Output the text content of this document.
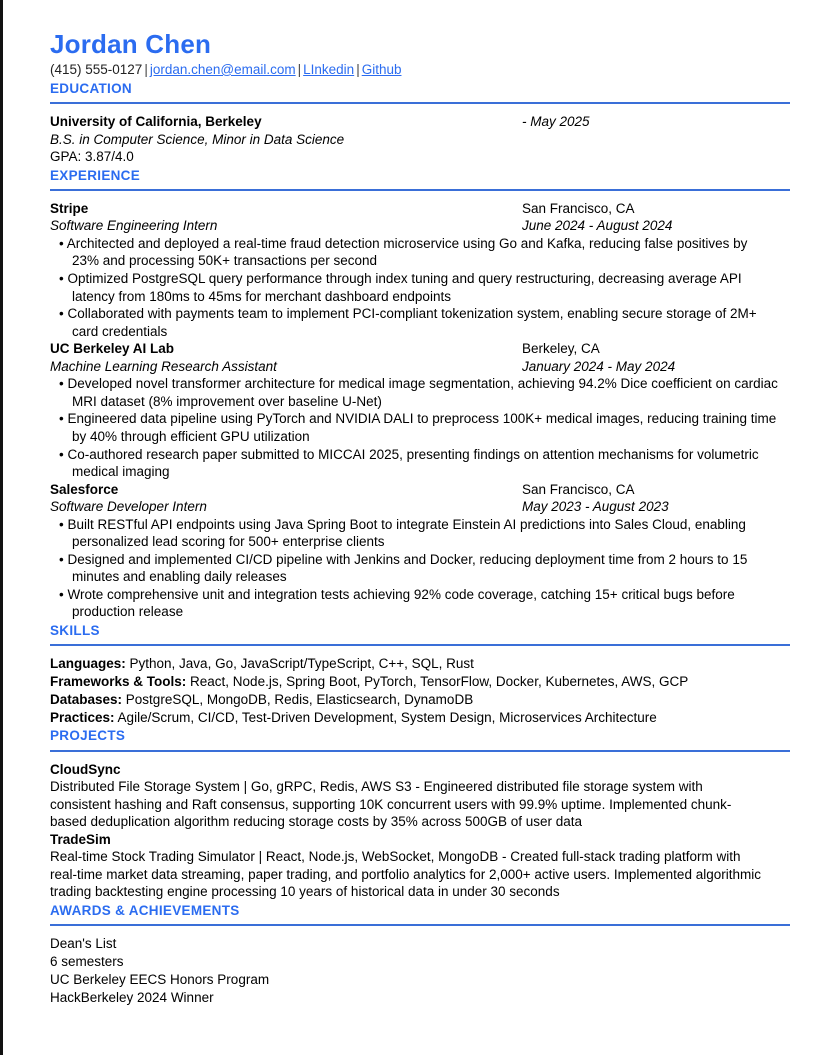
Jordan Chen
(415) 555-0127 | jordan.chen@email.com | LInkedin | Github
EDUCATION
University of California, Berkeley	- May 2025
B.S. in Computer Science, Minor in Data Science
GPA: 3.87/4.0
EXPERIENCE
Stripe	San Francisco, CA
Software Engineering Intern	June 2024 - August 2024
• Architected and deployed a real-time fraud detection microservice using Go and Kafka, reducing false positives by 23% and processing 50K+ transactions per second
• Optimized PostgreSQL query performance through index tuning and query restructuring, decreasing average API latency from 180ms to 45ms for merchant dashboard endpoints
• Collaborated with payments team to implement PCI-compliant tokenization system, enabling secure storage of 2M+ card credentials
UC Berkeley AI Lab	Berkeley, CA
Machine Learning Research Assistant	January 2024 - May 2024
• Developed novel transformer architecture for medical image segmentation, achieving 94.2% Dice coefficient on cardiac MRI dataset (8% improvement over baseline U-Net)
• Engineered data pipeline using PyTorch and NVIDIA DALI to preprocess 100K+ medical images, reducing training time by 40% through efficient GPU utilization
• Co-authored research paper submitted to MICCAI 2025, presenting findings on attention mechanisms for volumetric medical imaging
Salesforce	San Francisco, CA
Software Developer Intern	May 2023 - August 2023
• Built RESTful API endpoints using Java Spring Boot to integrate Einstein AI predictions into Sales Cloud, enabling personalized lead scoring for 500+ enterprise clients
• Designed and implemented CI/CD pipeline with Jenkins and Docker, reducing deployment time from 2 hours to 15 minutes and enabling daily releases
• Wrote comprehensive unit and integration tests achieving 92% code coverage, catching 15+ critical bugs before production release
SKILLS
Languages: Python, Java, Go, JavaScript/TypeScript, C++, SQL, Rust
Frameworks & Tools: React, Node.js, Spring Boot, PyTorch, TensorFlow, Docker, Kubernetes, AWS, GCP
Databases: PostgreSQL, MongoDB, Redis, Elasticsearch, DynamoDB
Practices: Agile/Scrum, CI/CD, Test-Driven Development, System Design, Microservices Architecture
PROJECTS
CloudSync
Distributed File Storage System | Go, gRPC, Redis, AWS S3 - Engineered distributed file storage system with consistent hashing and Raft consensus, supporting 10K concurrent users with 99.9% uptime. Implemented chunk-based deduplication algorithm reducing storage costs by 35% across 500GB of user data
TradeSim
Real-time Stock Trading Simulator | React, Node.js, WebSocket, MongoDB - Created full-stack trading platform with real-time market data streaming, paper trading, and portfolio analytics for 2,000+ active users. Implemented algorithmic trading backtesting engine processing 10 years of historical data in under 30 seconds
AWARDS & ACHIEVEMENTS
Dean's List
6 semesters
UC Berkeley EECS Honors Program
HackBerkeley 2024 Winner
